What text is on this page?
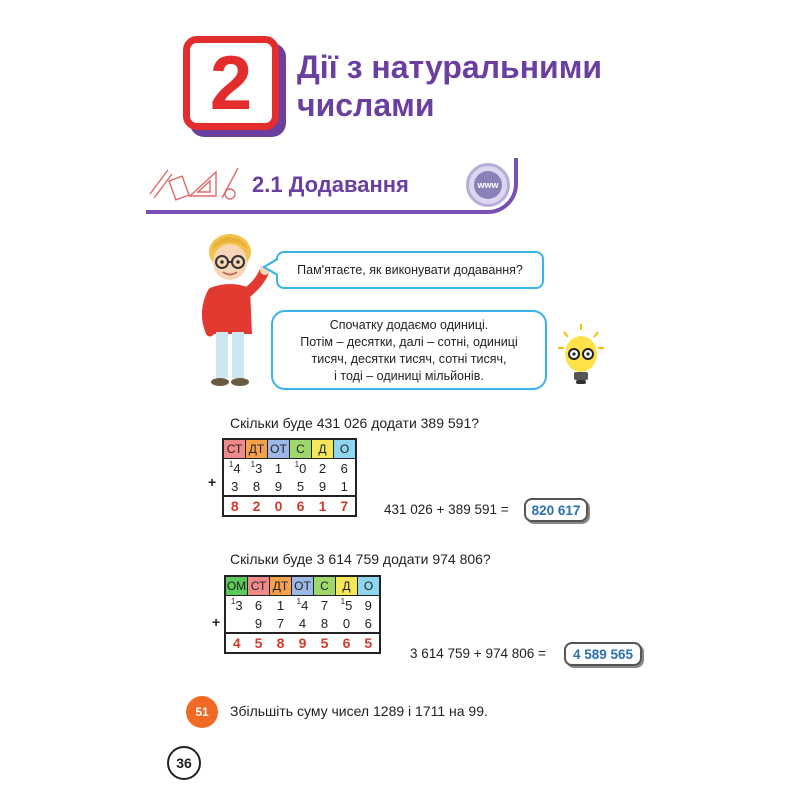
2	Дії з натуральними
числами
2.1 Додавання	www
Пам'ятаєте, як виконувати додавання?
Спочатку додаємо одиниці.
Потім – десятки, далі – сотні, одиниці
тисяч, десятки тисяч, сотні тисяч,
і тоді – одиниці мільйонів.
Скільки буде 431 026 додати 389 591?
+
СТ	ДТ	ОТ	С	Д	О
$^1$4	$^1$3	1	$^1$0	2	6
3	8	9	5	9	1
8	2	0	6	1	7	431 026 + 389 591 =	820 617
Скільки буде 3 614 759 додати 974 806?
+
ОМ	СТ	ДТ	ОТ	С	Д	О
$^1$3	6	1	$^1$4	7	$^1$5	9
	9	7	4	8	0	6
4	5	8	9	5	6	5
3 614 759 + 974 806 =	4 589 565
51	Збільшіть суму чисел 1289 і 1711 на 99.
36
